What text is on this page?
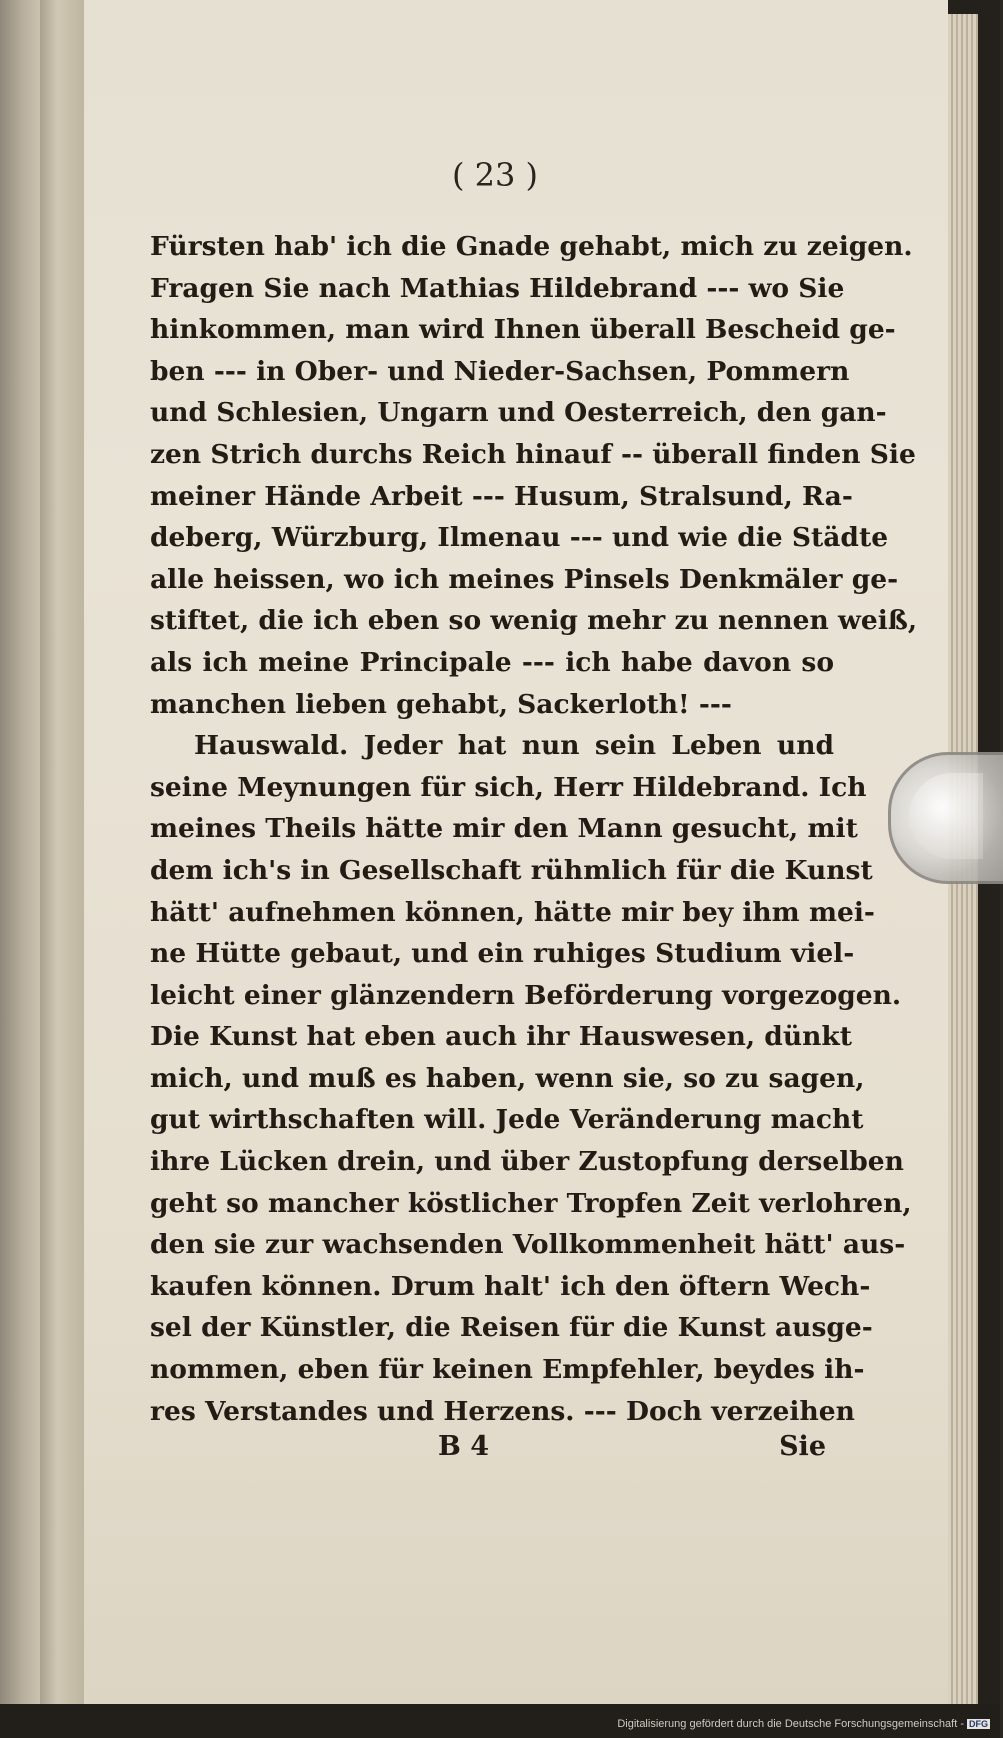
( 23 )
Fürsten hab' ich die Gnade gehabt, mich zu zeigen.
Fragen Sie nach Mathias Hildebrand --- wo Sie
hinkommen, man wird Ihnen überall Bescheid ge-
ben --- in Ober- und Nieder-Sachsen, Pommern
und Schlesien, Ungarn und Oesterreich, den gan-
zen Strich durchs Reich hinauf -- überall finden Sie
meiner Hände Arbeit --- Husum, Stralsund, Ra-
deberg, Würzburg, Ilmenau --- und wie die Städte
alle heissen, wo ich meines Pinsels Denkmäler ge-
stiftet, die ich eben so wenig mehr zu nennen weiß,
als ich meine Principale --- ich habe davon so
manchen lieben gehabt, Sackerloth! ---
Hauswald. Jeder hat nun sein Leben und
seine Meynungen für sich, Herr Hildebrand. Ich
meines Theils hätte mir den Mann gesucht, mit
dem ich's in Gesellschaft rühmlich für die Kunst
hätt' aufnehmen können, hätte mir bey ihm mei-
ne Hütte gebaut, und ein ruhiges Studium viel-
leicht einer glänzendern Beförderung vorgezogen.
Die Kunst hat eben auch ihr Hauswesen, dünkt
mich, und muß es haben, wenn sie, so zu sagen,
gut wirthschaften will. Jede Veränderung macht
ihre Lücken drein, und über Zustopfung derselben
geht so mancher köstlicher Tropfen Zeit verlohren,
den sie zur wachsenden Vollkommenheit hätt' aus-
kaufen können. Drum halt' ich den öftern Wech-
sel der Künstler, die Reisen für die Kunst ausge-
nommen, eben für keinen Empfehler, beydes ih-
res Verstandes und Herzens. --- Doch verzeihen
B 4	Sie
Digitalisierung gefördert durch die Deutsche Forschungsgemeinschaft - DFG
